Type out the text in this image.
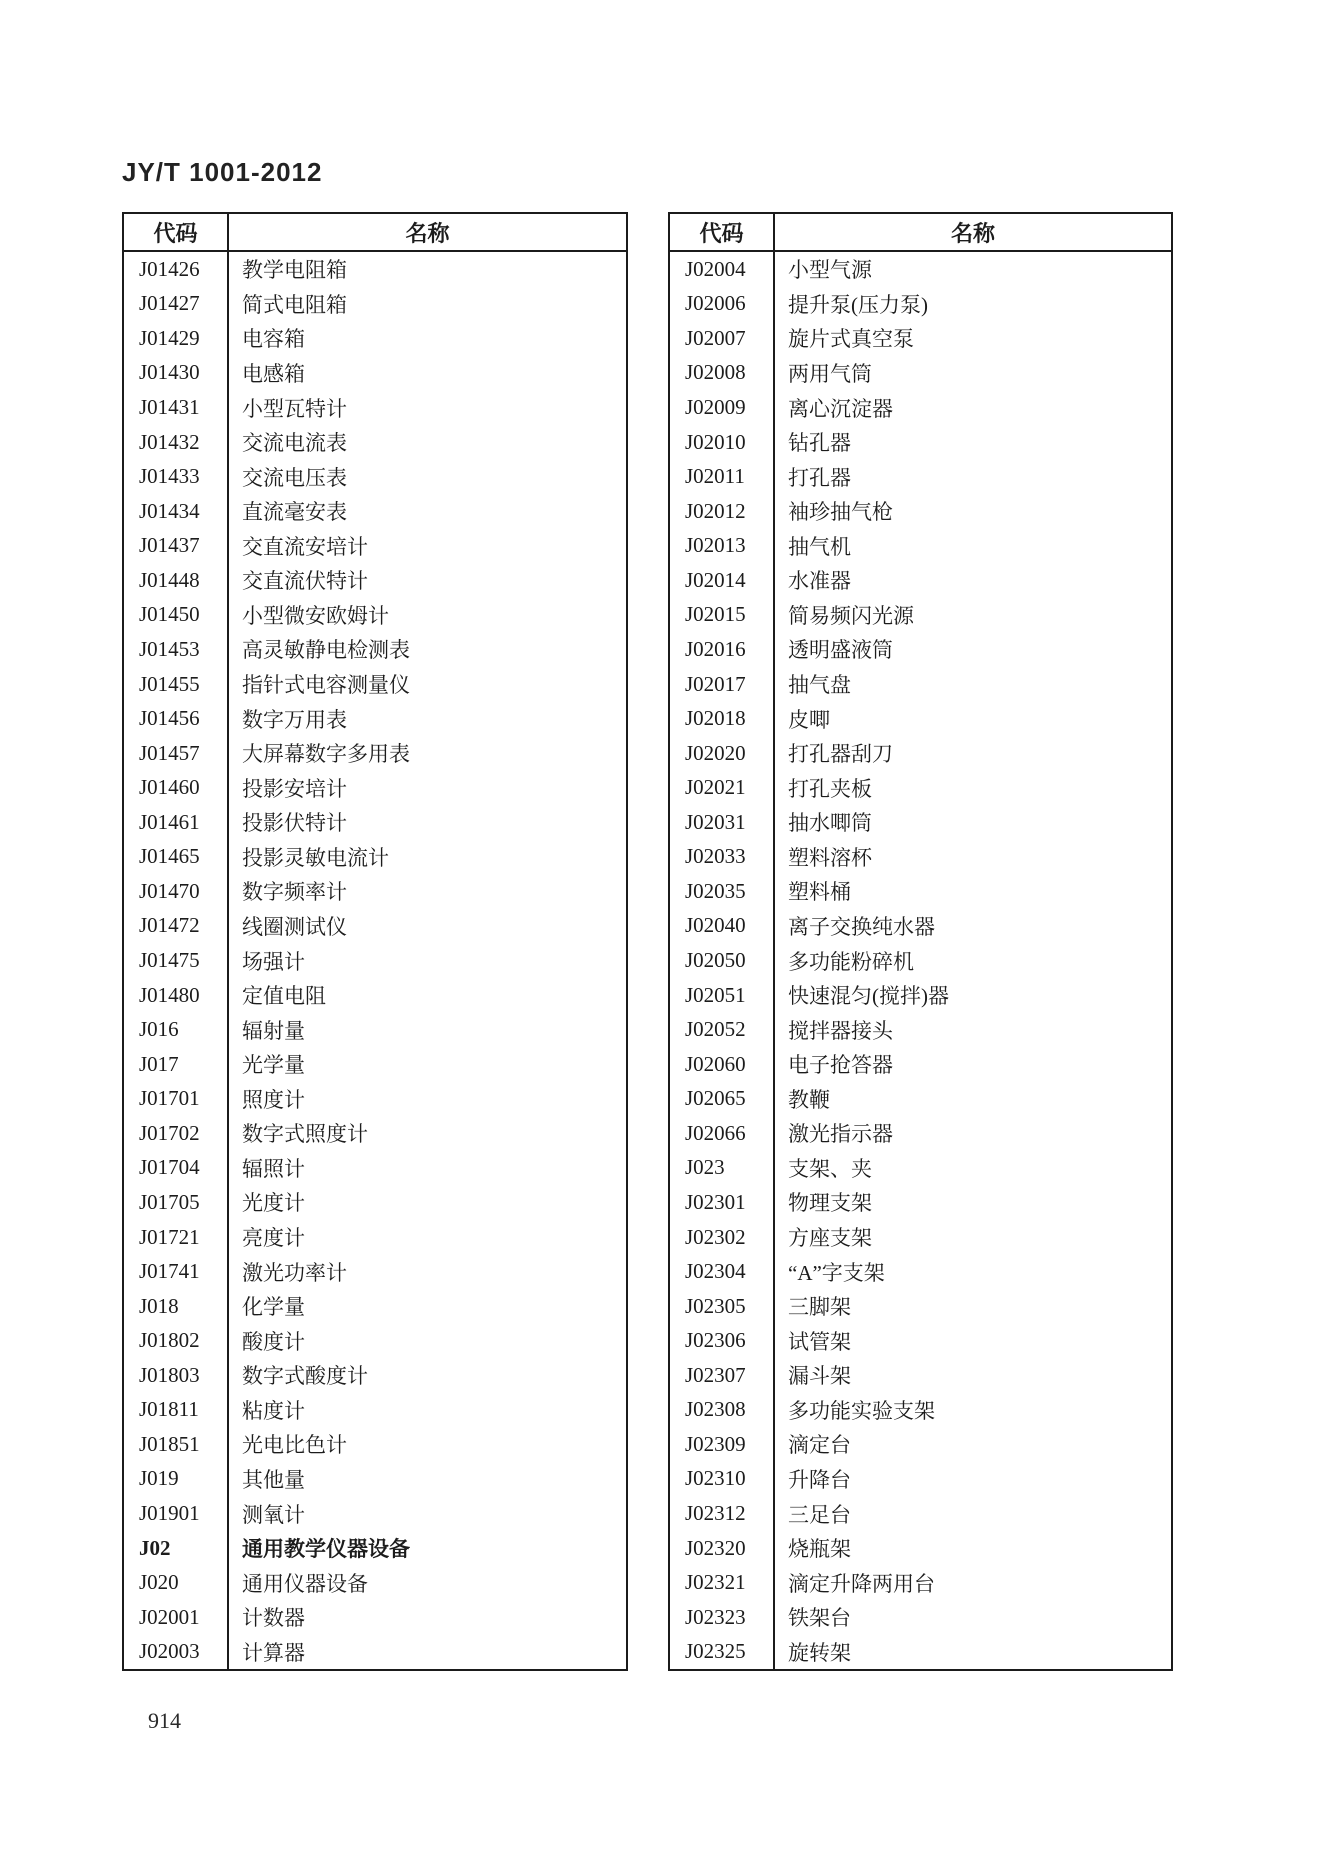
JY/T 1001-2012
代码	名称
J01426	教学电阻箱
J01427	简式电阻箱
J01429	电容箱
J01430	电感箱
J01431	小型瓦特计
J01432	交流电流表
J01433	交流电压表
J01434	直流毫安表
J01437	交直流安培计
J01448	交直流伏特计
J01450	小型微安欧姆计
J01453	高灵敏静电检测表
J01455	指针式电容测量仪
J01456	数字万用表
J01457	大屏幕数字多用表
J01460	投影安培计
J01461	投影伏特计
J01465	投影灵敏电流计
J01470	数字频率计
J01472	线圈测试仪
J01475	场强计
J01480	定值电阻
J016	辐射量
J017	光学量
J01701	照度计
J01702	数字式照度计
J01704	辐照计
J01705	光度计
J01721	亮度计
J01741	激光功率计
J018	化学量
J01802	酸度计
J01803	数字式酸度计
J01811	粘度计
J01851	光电比色计
J019	其他量
J01901	测氧计
J02	通用教学仪器设备
J020	通用仪器设备
J02001	计数器
J02003	计算器
代码	名称
J02004	小型气源
J02006	提升泵(压力泵)
J02007	旋片式真空泵
J02008	两用气筒
J02009	离心沉淀器
J02010	钻孔器
J02011	打孔器
J02012	袖珍抽气枪
J02013	抽气机
J02014	水准器
J02015	简易频闪光源
J02016	透明盛液筒
J02017	抽气盘
J02018	皮唧
J02020	打孔器刮刀
J02021	打孔夹板
J02031	抽水唧筒
J02033	塑料溶杯
J02035	塑料桶
J02040	离子交换纯水器
J02050	多功能粉碎机
J02051	快速混匀(搅拌)器
J02052	搅拌器接头
J02060	电子抢答器
J02065	教鞭
J02066	激光指示器
J023	支架、夹
J02301	物理支架
J02302	方座支架
J02304	“A”字支架
J02305	三脚架
J02306	试管架
J02307	漏斗架
J02308	多功能实验支架
J02309	滴定台
J02310	升降台
J02312	三足台
J02320	烧瓶架
J02321	滴定升降两用台
J02323	铁架台
J02325	旋转架
914
